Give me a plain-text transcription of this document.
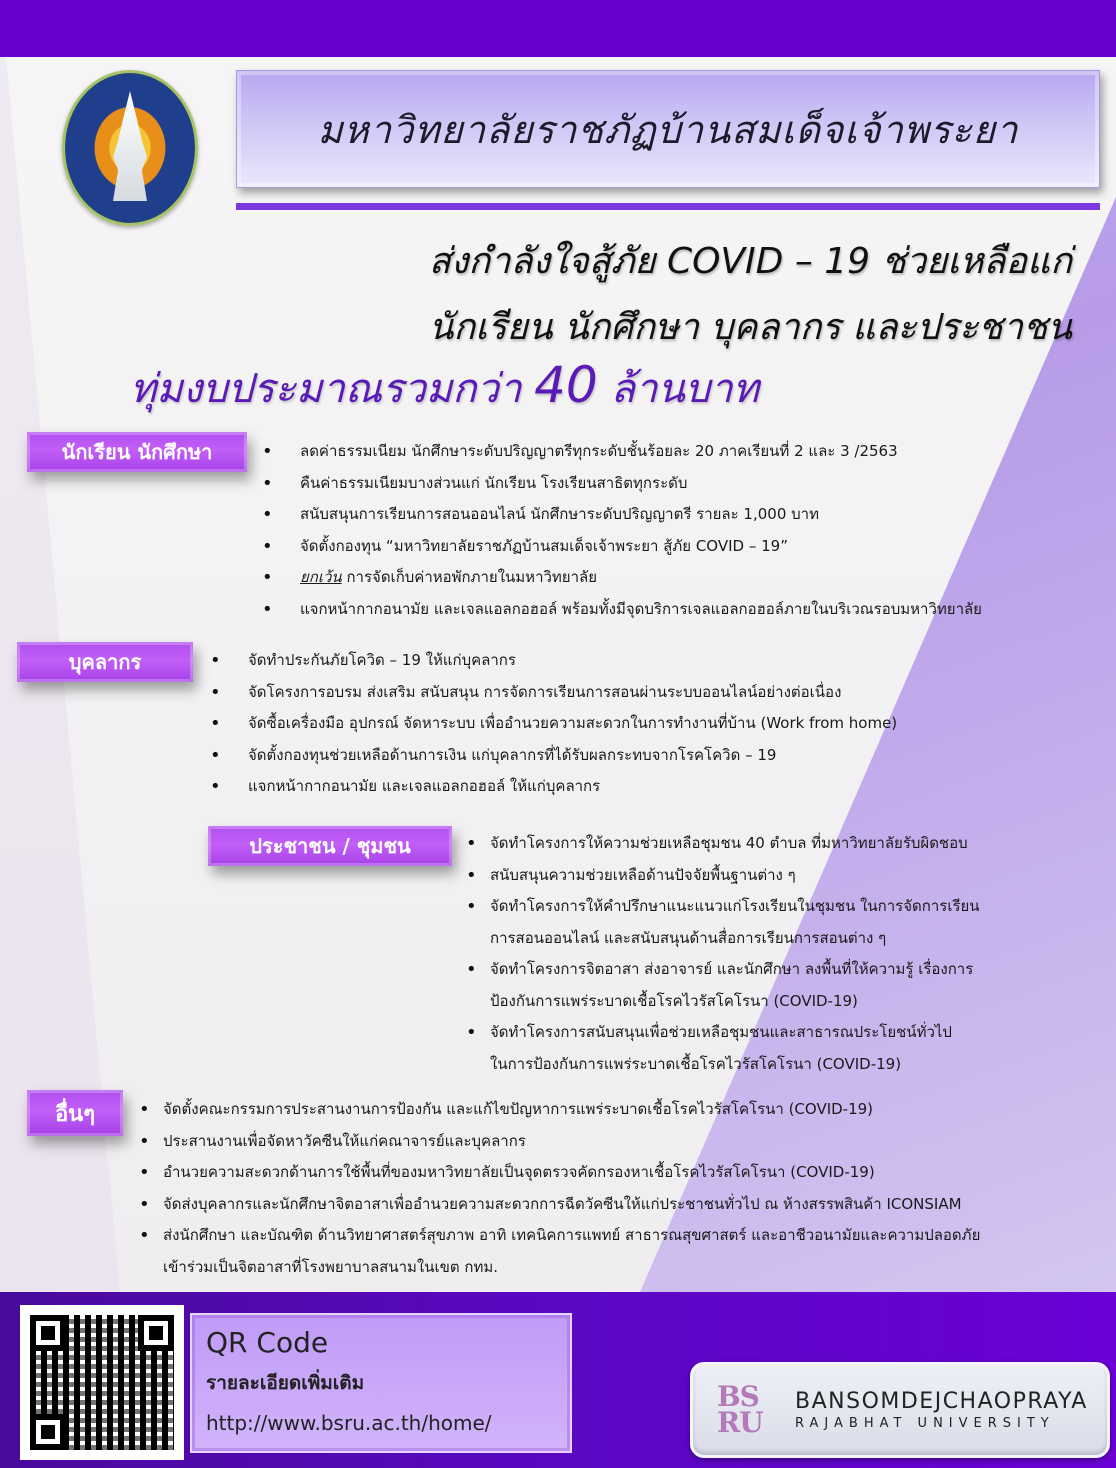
มหาวิทยาลัยราชภัฏบ้านสมเด็จเจ้าพระยา
ส่งกำลังใจสู้ภัย COVID – 19 ช่วยเหลือแก่
นักเรียน นักศึกษา บุคลากร และประชาชน
ทุ่มงบประมาณรวมกว่า 40 ล้านบาท
นักเรียน นักศึกษา	• ลดค่าธรรมเนียม นักศึกษาระดับปริญญาตรีทุกระดับชั้นร้อยละ 20 ภาคเรียนที่ 2 และ 3 /2563
• คืนค่าธรรมเนียมบางส่วนแก่ นักเรียน โรงเรียนสาธิตทุกระดับ
• สนับสนุนการเรียนการสอนออนไลน์ นักศึกษาระดับปริญญาตรี รายละ 1,000 บาท
• จัดตั้งกองทุน “มหาวิทยาลัยราชภัฏบ้านสมเด็จเจ้าพระยา สู้ภัย COVID – 19”
• ยกเว้น การจัดเก็บค่าหอพักภายในมหาวิทยาลัย
• แจกหน้ากากอนามัย และเจลแอลกอฮอล์ พร้อมทั้งมีจุดบริการเจลแอลกอฮอล์ภายในบริเวณรอบมหาวิทยาลัย
บุคลากร	• จัดทำประกันภัยโควิด – 19 ให้แก่บุคลากร
• จัดโครงการอบรม ส่งเสริม สนับสนุน การจัดการเรียนการสอนผ่านระบบออนไลน์อย่างต่อเนื่อง
• จัดซื้อเครื่องมือ อุปกรณ์ จัดหาระบบ เพื่ออำนวยความสะดวกในการทำงานที่บ้าน (Work from home)
• จัดตั้งกองทุนช่วยเหลือด้านการเงิน แก่บุคลากรที่ได้รับผลกระทบจากโรคโควิด – 19
• แจกหน้ากากอนามัย และเจลแอลกอฮอล์ ให้แก่บุคลากร
ประชาชน / ชุมชน	• จัดทำโครงการให้ความช่วยเหลือชุมชน 40 ตำบล ที่มหาวิทยาลัยรับผิดชอบ
• สนับสนุนความช่วยเหลือด้านปัจจัยพื้นฐานต่าง ๆ
• จัดทำโครงการให้คำปรึกษาแนะแนวแก่โรงเรียนในชุมชน ในการจัดการเรียน
การสอนออนไลน์ และสนับสนุนด้านสื่อการเรียนการสอนต่าง ๆ
• จัดทำโครงการจิตอาสา ส่งอาจารย์ และนักศึกษา ลงพื้นที่ให้ความรู้ เรื่องการ
ป้องกันการแพร่ระบาดเชื้อโรคไวรัสโคโรนา (COVID-19)
• จัดทำโครงการสนับสนุนเพื่อช่วยเหลือชุมชนและสาธารณประโยชน์ทั่วไป
ในการป้องกันการแพร่ระบาดเชื้อโรคไวรัสโคโรนา (COVID-19)
อื่นๆ	• จัดตั้งคณะกรรมการประสานงานการป้องกัน และแก้ไขปัญหาการแพร่ระบาดเชื้อโรคไวรัสโคโรนา (COVID-19)
• ประสานงานเพื่อจัดหาวัคซีนให้แก่คณาจารย์และบุคลากร
• อำนวยความสะดวกด้านการใช้พื้นที่ของมหาวิทยาลัยเป็นจุดตรวจคัดกรองหาเชื้อโรคไวรัสโคโรนา (COVID-19)
• จัดส่งบุคลากรและนักศึกษาจิตอาสาเพื่ออำนวยความสะดวกการฉีดวัคซีนให้แก่ประชาชนทั่วไป ณ ห้างสรรพสินค้า ICONSIAM
• ส่งนักศึกษา และบัณฑิต ด้านวิทยาศาสตร์สุขภาพ อาทิ เทคนิคการแพทย์ สาธารณสุขศาสตร์ และอาชีวอนามัยและความปลอดภัย
เข้าร่วมเป็นจิตอาสาที่โรงพยาบาลสนามในเขต กทม.
QR Code
รายละเอียดเพิ่มเติม
http://www.bsru.ac.th/home/
BS
RU
BANSOMDEJCHAOPRAYA
RAJABHAT UNIVERSITY
